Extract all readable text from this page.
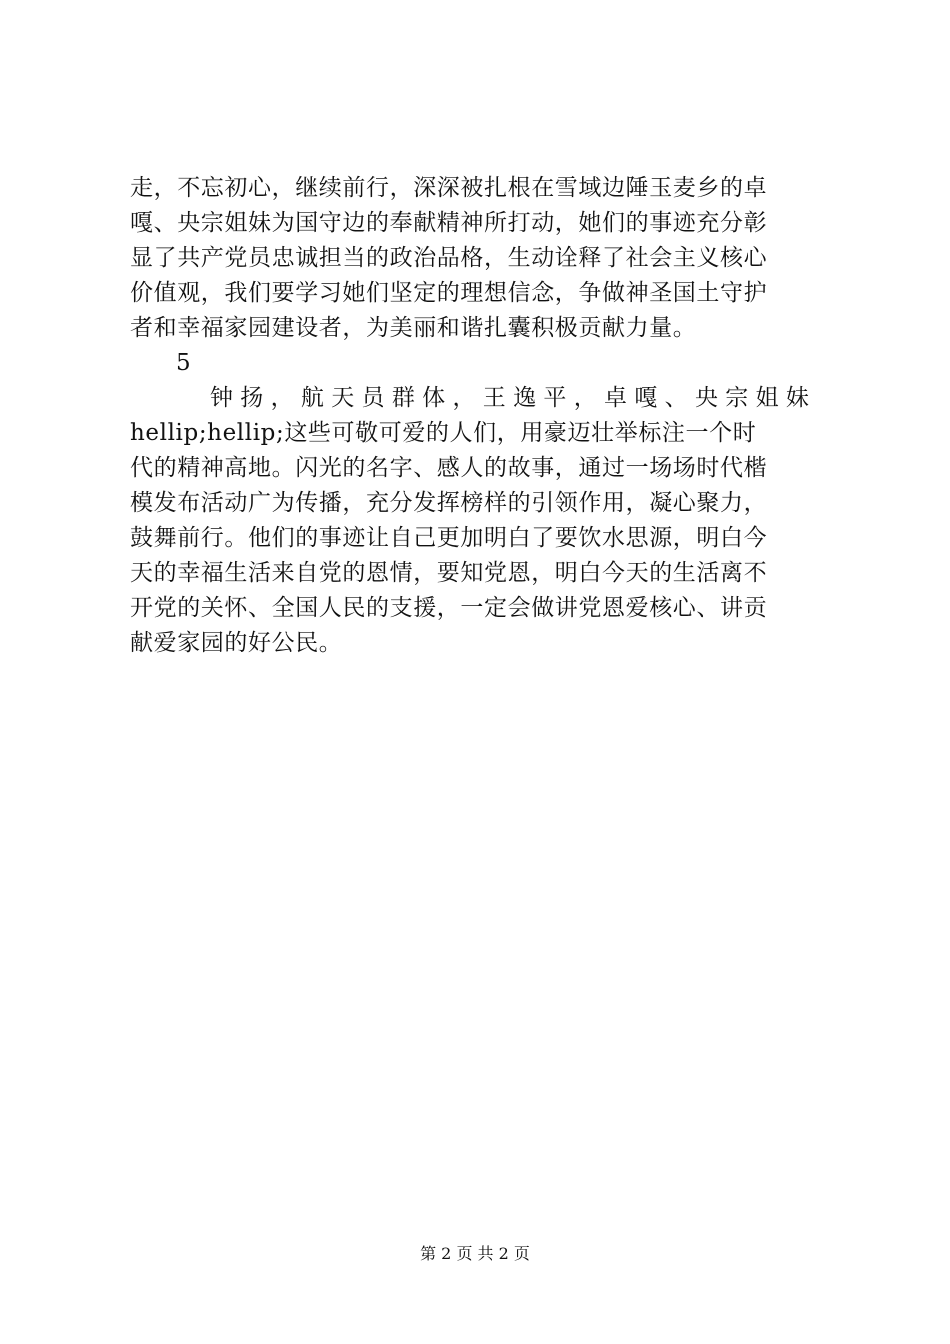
走，不忘初心，继续前行，深深被扎根在雪域边陲玉麦乡的卓
嘎、央宗姐妹为国守边的奉献精神所打动，她们的事迹充分彰
显了共产党员忠诚担当的政治品格，生动诠释了社会主义核心
价值观，我们要学习她们坚定的理想信念，争做神圣国土守护
者和幸福家园建设者，为美丽和谐扎囊积极贡献力量。
5
钟 扬 ， 航 天 员 群 体 ， 王 逸 平 ， 卓 嘎 、 央 宗 姐 妹
hellip;hellip;这些可敬可爱的人们，用豪迈壮举标注一个时
代的精神高地。闪光的名字、感人的故事，通过一场场时代楷
模发布活动广为传播，充分发挥榜样的引领作用，凝心聚力，
鼓舞前行。他们的事迹让自己更加明白了要饮水思源，明白今
天的幸福生活来自党的恩情，要知党恩，明白今天的生活离不
开党的关怀、全国人民的支援，一定会做讲党恩爱核心、讲贡
献爱家园的好公民。
第 2 页 共 2 页
